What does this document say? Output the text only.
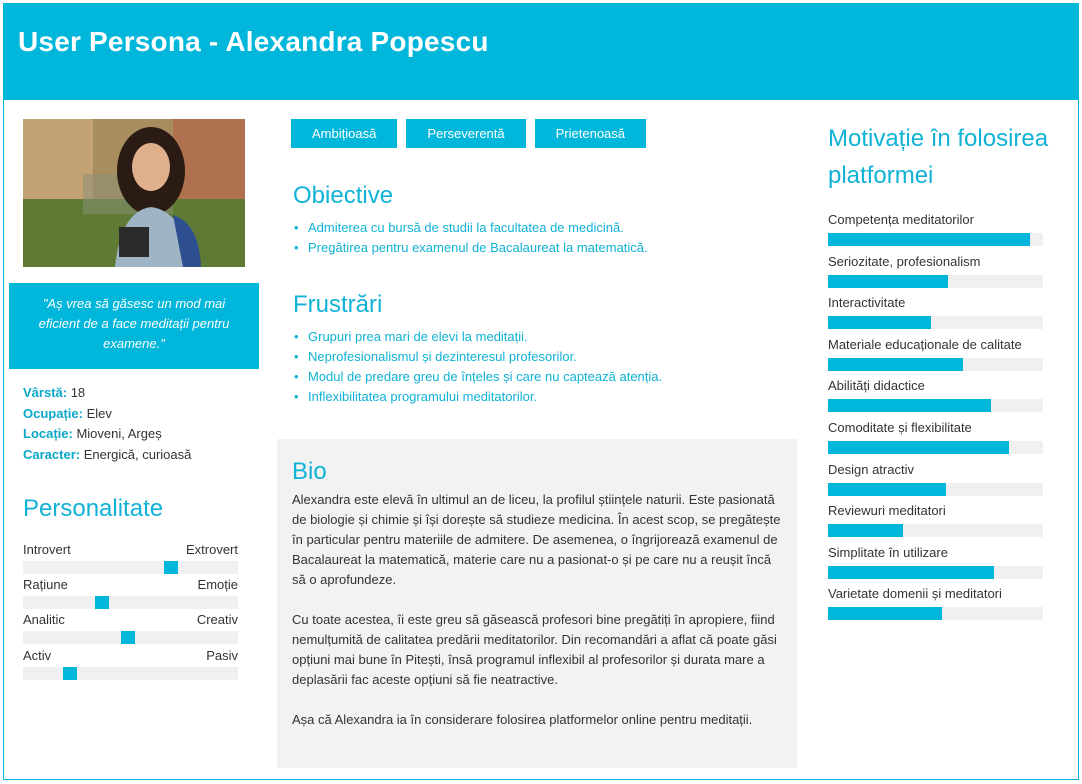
User Persona - Alexandra Popescu
"Aș vrea să găsesc un mod mai eficient de a face meditații pentru examene."
Vârstă: 18
Ocupație: Elev
Locație: Mioveni, Argeș
Caracter: Energică, curioasă
Personalitate
Introvert	Extrovert
Rațiune	Emoție
Analitic	Creativ
Activ	Pasiv
Ambițioasă	Perseverentă	Prietenoasă
Obiective
• Admiterea cu bursă de studii la facultatea de medicină.
• Pregătirea pentru examenul de Bacalaureat la matematică.
Frustrări
• Grupuri prea mari de elevi la meditații.
• Neprofesionalismul și dezinteresul profesorilor.
• Modul de predare greu de înțeles și care nu captează atenția.
• Inflexibilitatea programului meditatorilor.
Bio

Alexandra este elevă în ultimul an de liceu, la profilul științele naturii. Este pasionată de biologie și chimie și își dorește să studieze medicina. În acest scop, se pregătește în particular pentru materiile de admitere. De asemenea, o îngrijorează examenul de Bacalaureat la matematică, materie care nu a pasionat-o și pe care nu a reușit încă să o aprofundeze.

Cu toate acestea, îi este greu să găsească profesori bine pregătiți în apropiere, fiind nemulțumită de calitatea predării meditatorilor. Din recomandări a aflat că poate găsi opțiuni mai bune în Pitești, însă programul inflexibil al profesorilor și durata mare a deplasării fac aceste opțiuni să fie neatractive.

Așa că Alexandra ia în considerare folosirea platformelor online pentru meditații.

Motivație în folosirea platformei
Competența meditatorilor
Seriozitate, profesionalism
Interactivitate
Materiale educaționale de calitate
Abilități didactice
Comoditate și flexibilitate
Design atractiv
Reviewuri meditatori
Simplitate în utilizare
Varietate domenii și meditatori
